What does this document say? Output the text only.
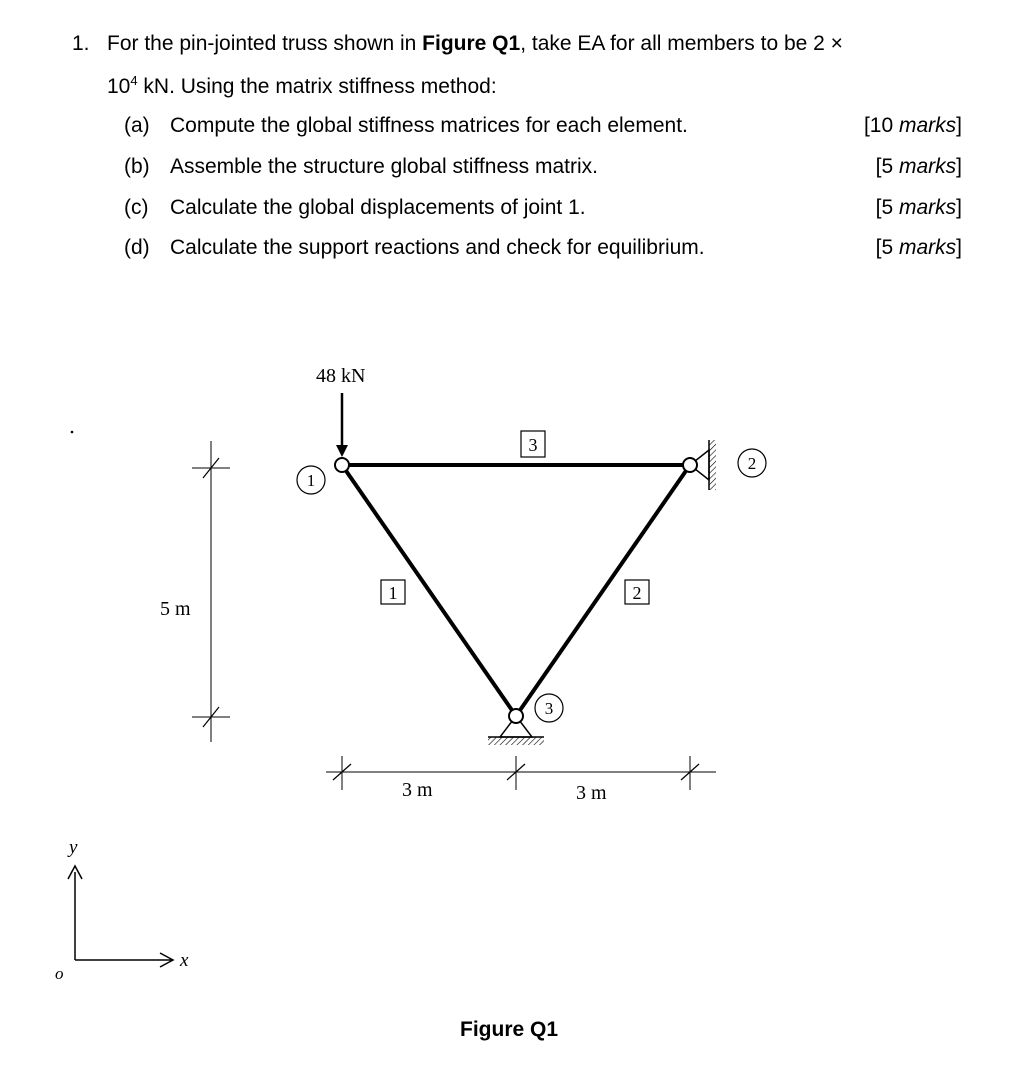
1. For the pin-jointed truss shown in Figure Q1, take EA for all members to be 2 ×
$10^4$ kN. Using the matrix stiffness method:
(a) Compute the global stiffness matrices for each element.	[10 marks]
(b) Assemble the structure global stiffness matrix.	[5 marks]
(c) Calculate the global displacements of joint 1.	[5 marks]
(d) Calculate the support reactions and check for equilibrium.	[5 marks]
48 kN
1
2
3
3
1	2
5 m
3 m	3 m
y
x
o
Figure Q1
